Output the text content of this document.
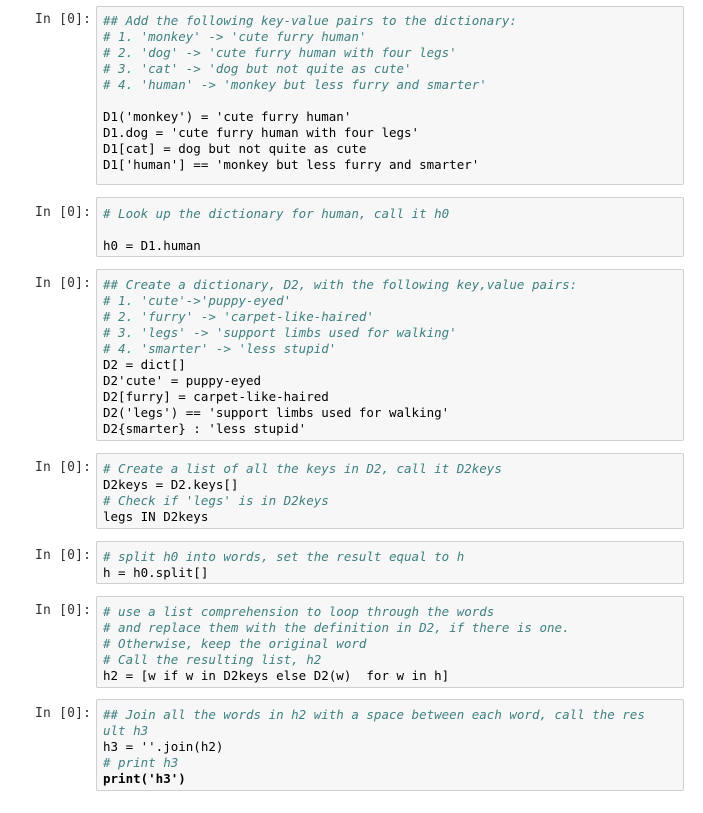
In [0]: ## Add the following key-value pairs to the dictionary:
# 1. 'monkey' -> 'cute furry human'
# 2. 'dog' -> 'cute furry human with four legs'
# 3. 'cat' -> 'dog but not quite as cute'
# 4. 'human' -> 'monkey but less furry and smarter'
D1('monkey') = 'cute furry human'
D1.dog = 'cute furry human with four legs'
D1[cat] = dog but not quite as cute
D1['human'] == 'monkey but less furry and smarter'
In [0]: # Look up the dictionary for human, call it h0
h0 = D1.human
In [0]: ## Create a dictionary, D2, with the following key,value pairs:
# 1. 'cute'->'puppy-eyed'
# 2. 'furry' -> 'carpet-like-haired'
# 3. 'legs' -> 'support limbs used for walking'
# 4. 'smarter' -> 'less stupid'
D2 = dict[]
D2'cute' = puppy-eyed
D2[furry] = carpet-like-haired
D2('legs') == 'support limbs used for walking'
D2{smarter} : 'less stupid'
In [0]: # Create a list of all the keys in D2, call it D2keys
D2keys = D2.keys[]
# Check if 'legs' is in D2keys
legs IN D2keys
In [0]: # split h0 into words, set the result equal to h
h = h0.split[]
In [0]: # use a list comprehension to loop through the words
# and replace them with the definition in D2, if there is one.
# Otherwise, keep the original word
# Call the resulting list, h2
h2 = [w if w in D2keys else D2(w)  for w in h]
In [0]: ## Join all the words in h2 with a space between each word, call the res
ult h3
h3 = ''.join(h2)
# print h3
print('h3')
